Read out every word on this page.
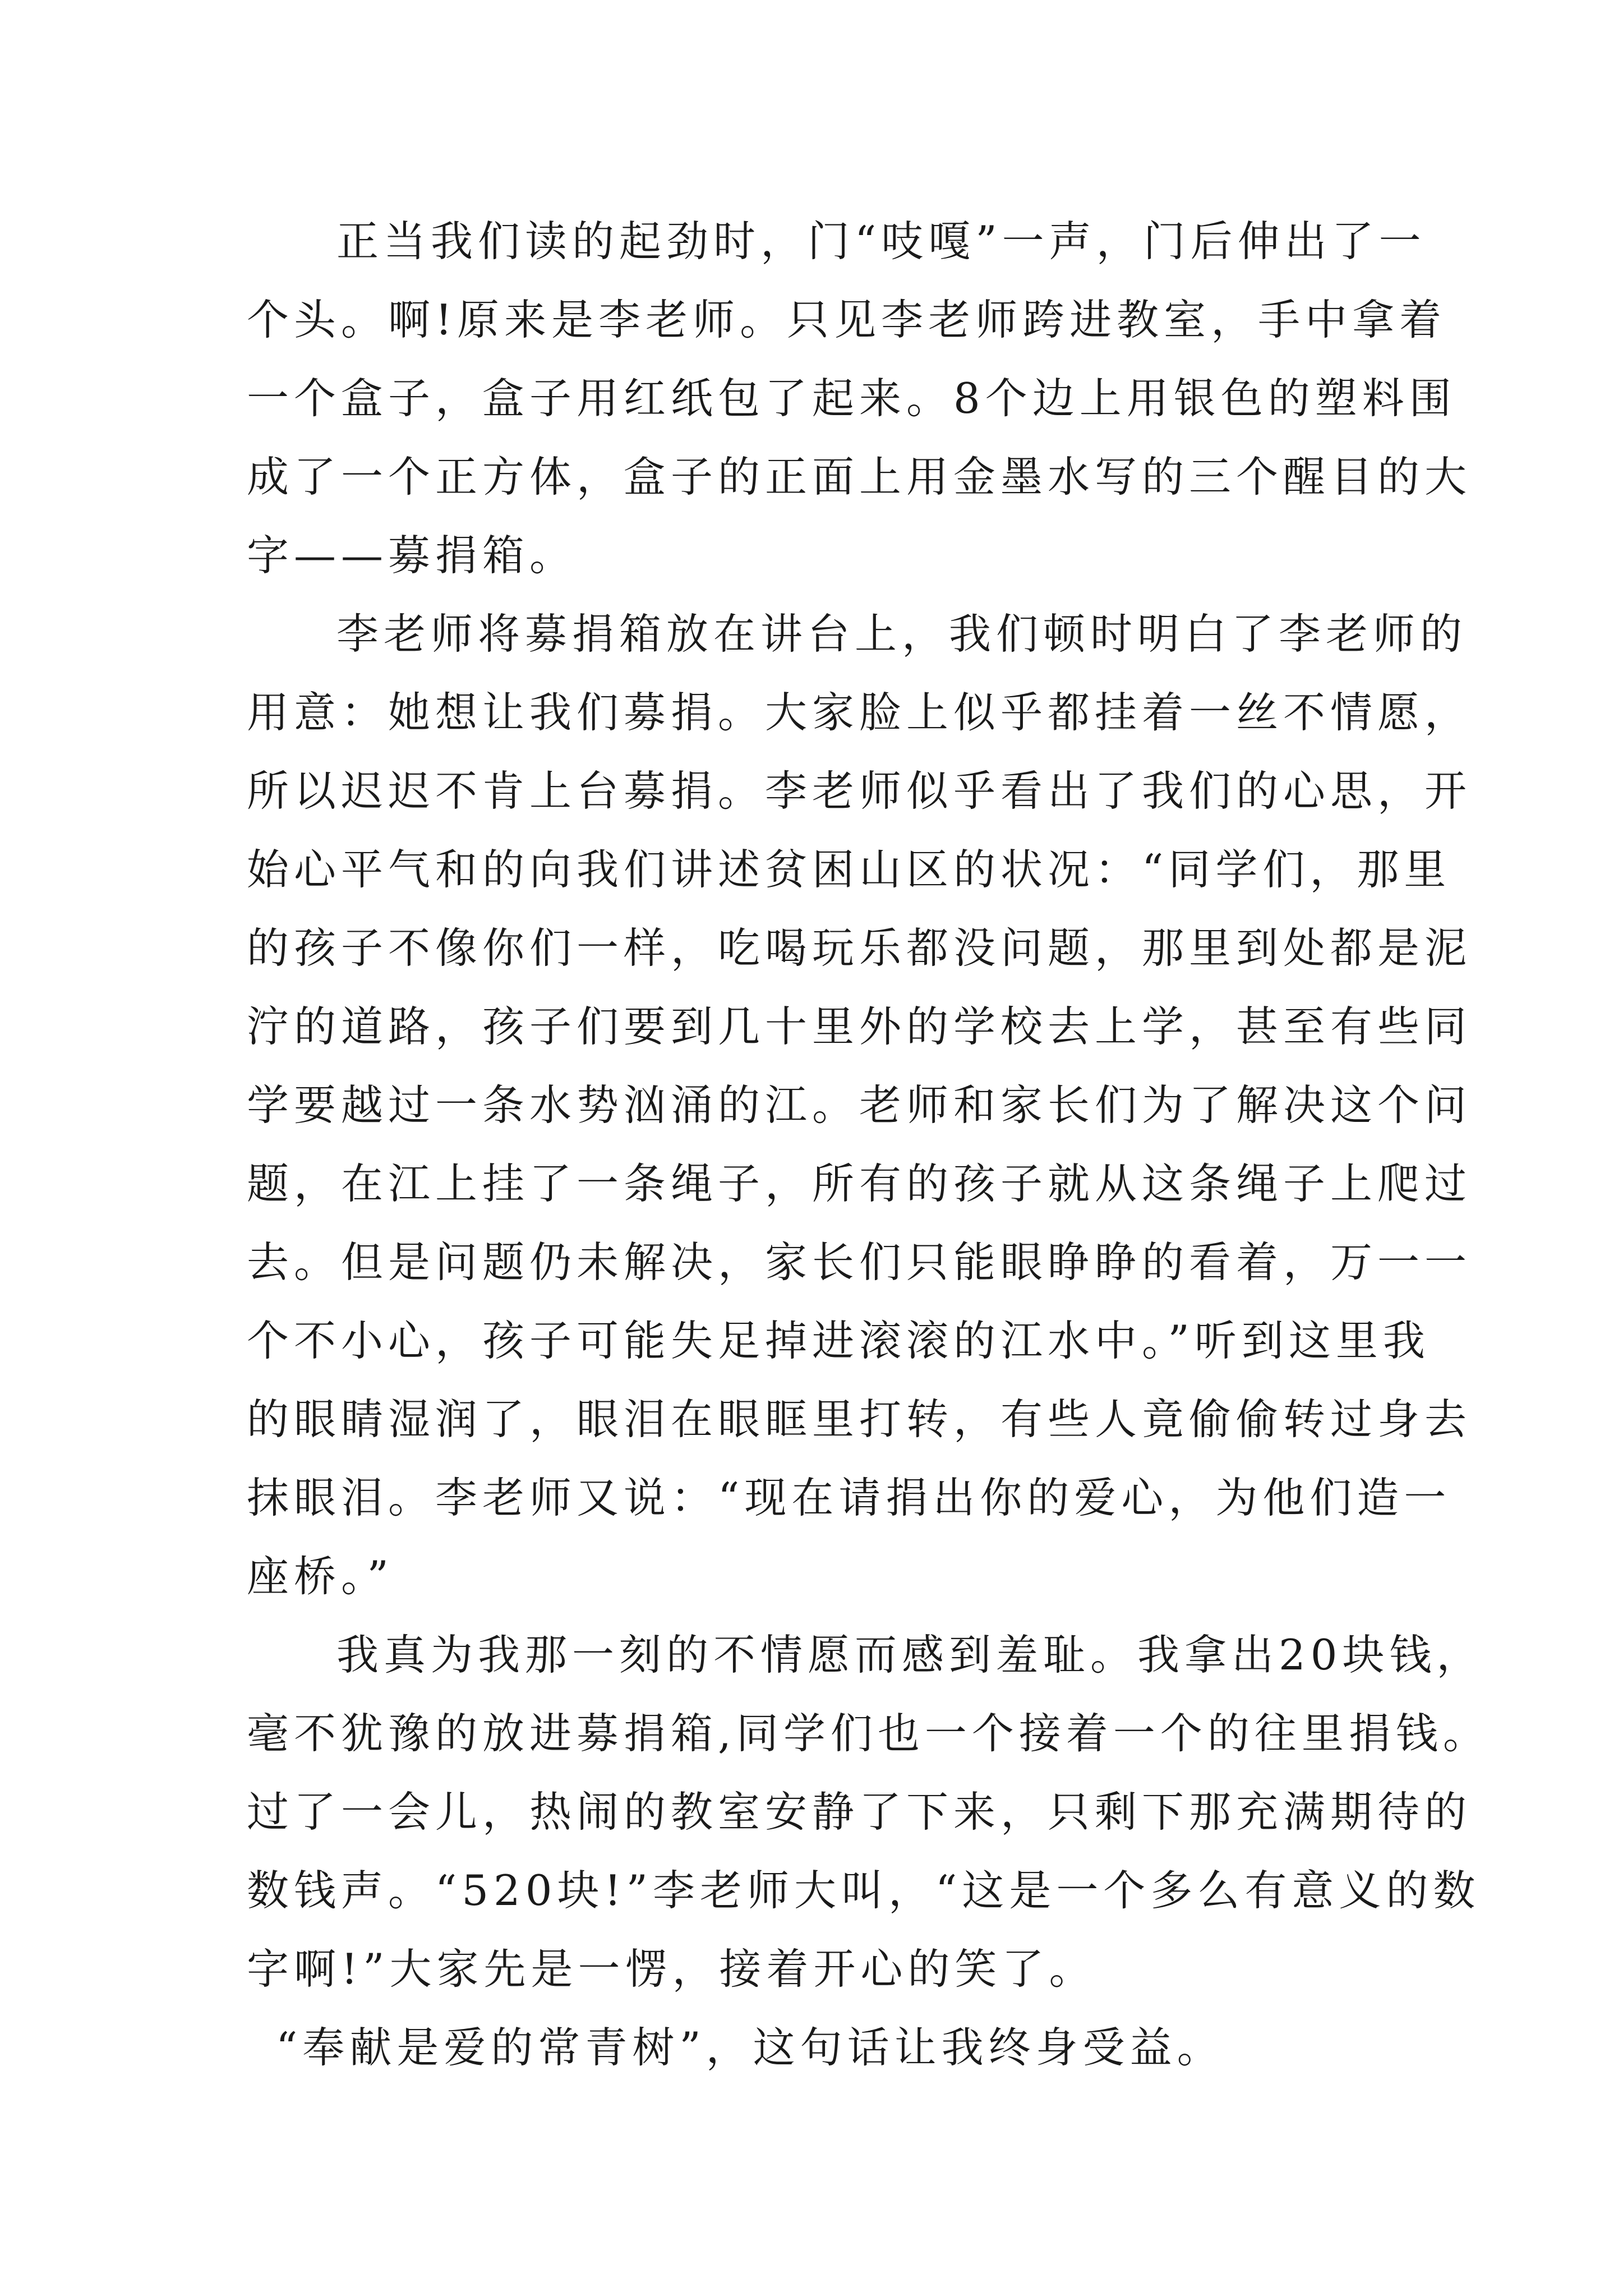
正当我们读的起劲时，门“吱嘎”一声，门后伸出了一
个头。啊!原来是李老师。只见李老师跨进教室，手中拿着
一个盒子，盒子用红纸包了起来。8个边上用银色的塑料围
成了一个正方体，盒子的正面上用金墨水写的三个醒目的大
字——募捐箱。
李老师将募捐箱放在讲台上，我们顿时明白了李老师的
用意：她想让我们募捐。大家脸上似乎都挂着一丝不情愿，
所以迟迟不肯上台募捐。李老师似乎看出了我们的心思，开
始心平气和的向我们讲述贫困山区的状况：“同学们，那里
的孩子不像你们一样，吃喝玩乐都没问题，那里到处都是泥
泞的道路，孩子们要到几十里外的学校去上学，甚至有些同
学要越过一条水势汹涌的江。老师和家长们为了解决这个问
题，在江上挂了一条绳子，所有的孩子就从这条绳子上爬过
去。但是问题仍未解决，家长们只能眼睁睁的看着，万一一
个不小心，孩子可能失足掉进滚滚的江水中。”听到这里我
的眼睛湿润了，眼泪在眼眶里打转，有些人竟偷偷转过身去
抹眼泪。李老师又说：“现在请捐出你的爱心，为他们造一
座桥。”
我真为我那一刻的不情愿而感到羞耻。我拿出20块钱，
毫不犹豫的放进募捐箱,同学们也一个接着一个的往里捐钱。
过了一会儿，热闹的教室安静了下来，只剩下那充满期待的
数钱声。“520块!”李老师大叫，“这是一个多么有意义的数
字啊!”大家先是一愣，接着开心的笑了。
“奉献是爱的常青树”，这句话让我终身受益。
